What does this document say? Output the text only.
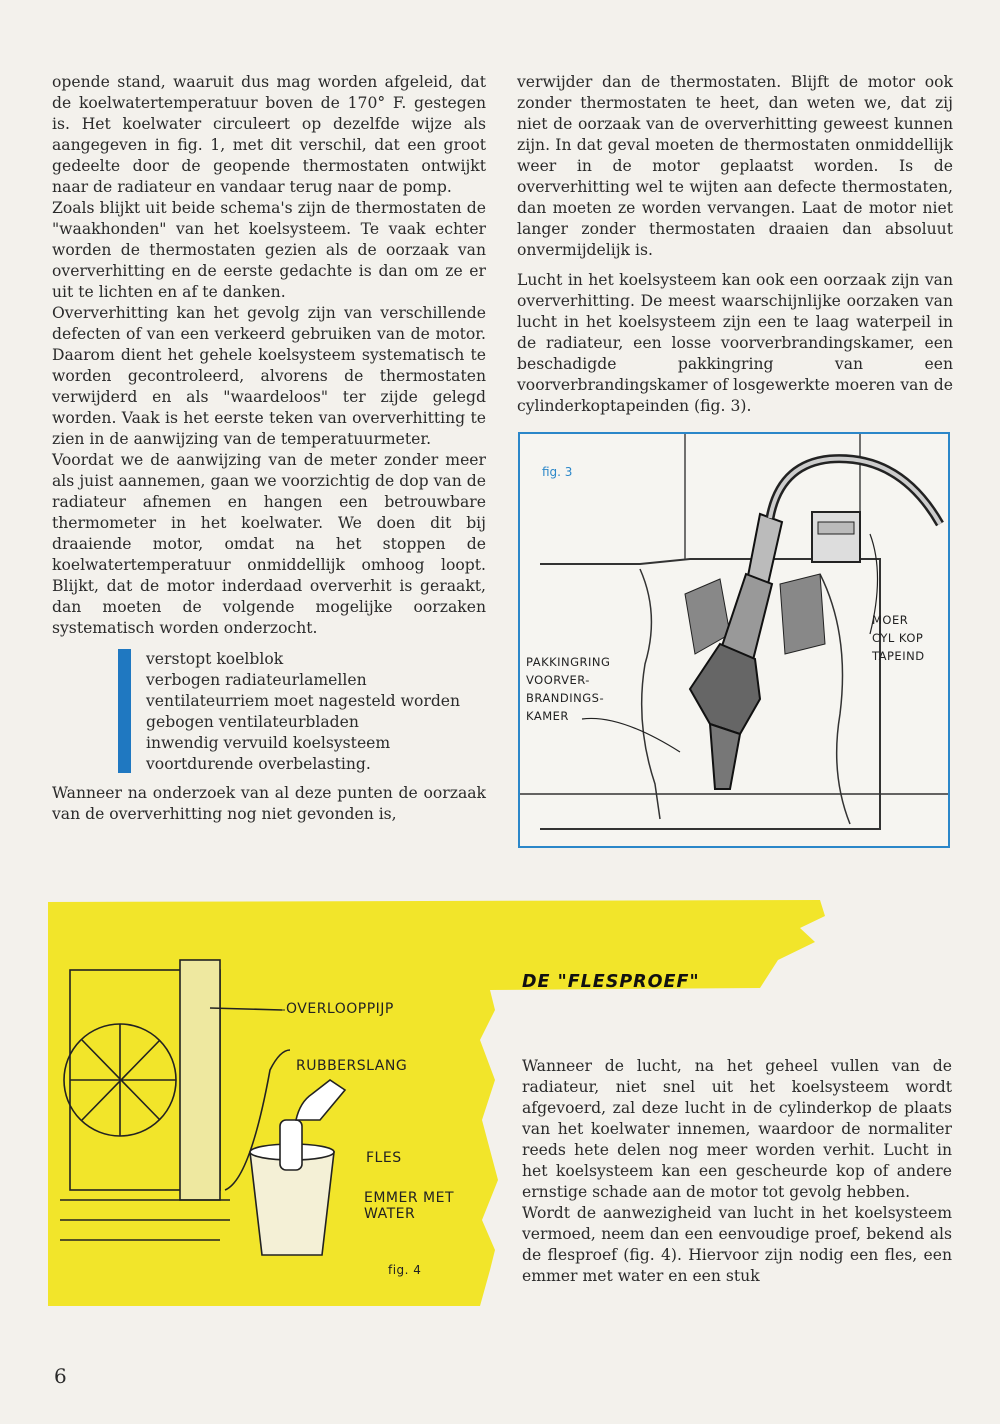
opende stand, waaruit dus mag worden afgeleid, dat de koelwatertemperatuur boven de 170° F. gestegen is. Het koelwater circuleert op dezelfde wijze als aangegeven in fig. 1, met dit verschil, dat een groot gedeelte door de geopende thermostaten ontwijkt naar de radiateur en vandaar terug naar de pomp.

Zoals blijkt uit beide schema's zijn de thermostaten de "waakhonden" van het koelsysteem. Te vaak echter worden de thermostaten gezien als de oorzaak van oververhitting en de eerste gedachte is dan om ze er uit te lichten en af te danken.

Oververhitting kan het gevolg zijn van verschillende defecten of van een verkeerd gebruiken van de motor. Daarom dient het gehele koelsysteem systematisch te worden gecontroleerd, alvorens de thermostaten verwijderd en als "waardeloos" ter zijde gelegd worden. Vaak is het eerste teken van oververhitting te zien in de aanwijzing van de temperatuurmeter.

Voordat we de aanwijzing van de meter zonder meer als juist aannemen, gaan we voorzichtig de dop van de radiateur afnemen en hangen een betrouwbare thermometer in het koelwater. We doen dit bij draaiende motor, omdat na het stoppen de koelwatertemperatuur onmiddellijk omhoog loopt. Blijkt, dat de motor inderdaad oververhit is geraakt, dan moeten de volgende mogelijke oorzaken systematisch worden onderzocht.

verstopt koelblok
verbogen radiateurlamellen
ventilateurriem moet nagesteld worden
gebogen ventilateurbladen
inwendig vervuild koelsysteem
voortdurende overbelasting.

Wanneer na onderzoek van al deze punten de oorzaak van de oververhitting nog niet gevonden is,

verwijder dan de thermostaten. Blijft de motor ook zonder thermostaten te heet, dan weten we, dat zij niet de oorzaak van de oververhitting geweest kunnen zijn. In dat geval moeten de thermostaten onmiddellijk weer in de motor geplaatst worden. Is de oververhitting wel te wijten aan defecte thermostaten, dan moeten ze worden vervangen. Laat de motor niet langer zonder thermostaten draaien dan absoluut onvermijdelijk is.

Lucht in het koelsysteem kan ook een oorzaak zijn van oververhitting. De meest waarschijnlijke oorzaken van lucht in het koelsysteem zijn een te laag waterpeil in de radiateur, een losse voorverbrandingskamer, een beschadigde pakkingring van een voorverbrandingskamer of losgewerkte moeren van de cylinderkoptapeinden (fig. 3).

fig. 3
PAKKINGRING
VOORVER-
BRANDINGS-
KAMER
MOER
CYL KOP
TAPEIND
OVERLOOPPIJP
RUBBERSLANG
FLES
EMMER MET
WATER
fig. 4
DE "FLESPROEF"

Wanneer de lucht, na het geheel vullen van de radiateur, niet snel uit het koelsysteem wordt afgevoerd, zal deze lucht in de cylinderkop de plaats van het koelwater innemen, waardoor de normaliter reeds hete delen nog meer worden verhit. Lucht in het koelsysteem kan een gescheurde kop of andere ernstige schade aan de motor tot gevolg hebben.

Wordt de aanwezigheid van lucht in het koelsysteem vermoed, neem dan een eenvoudige proef, bekend als de flesproef (fig. 4). Hiervoor zijn nodig een fles, een emmer met water en een stuk

6
